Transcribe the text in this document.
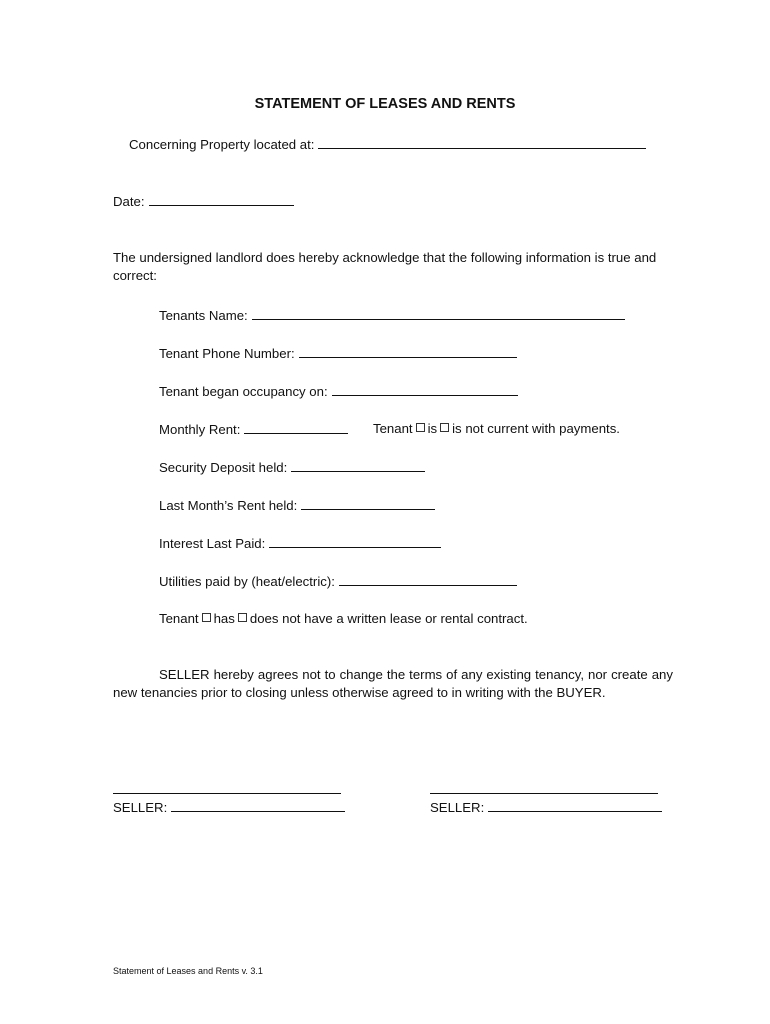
STATEMENT OF LEASES AND RENTS
Concerning Property located at:
Date:
The undersigned landlord does hereby acknowledge that the following information is true and correct:
Tenants Name:
Tenant Phone Number:
Tenant began occupancy on:
Monthly Rent:	Tenant is is not current with payments.
Security Deposit held:
Last Month’s Rent held:
Interest Last Paid:
Utilities paid by (heat/electric):
Tenant has does not have a written lease or rental contract.
SELLER hereby agrees not to change the terms of any existing tenancy, nor create any new tenancies prior to closing unless otherwise agreed to in writing with the BUYER.
SELLER:	SELLER:
Statement of Leases and Rents v. 3.1
